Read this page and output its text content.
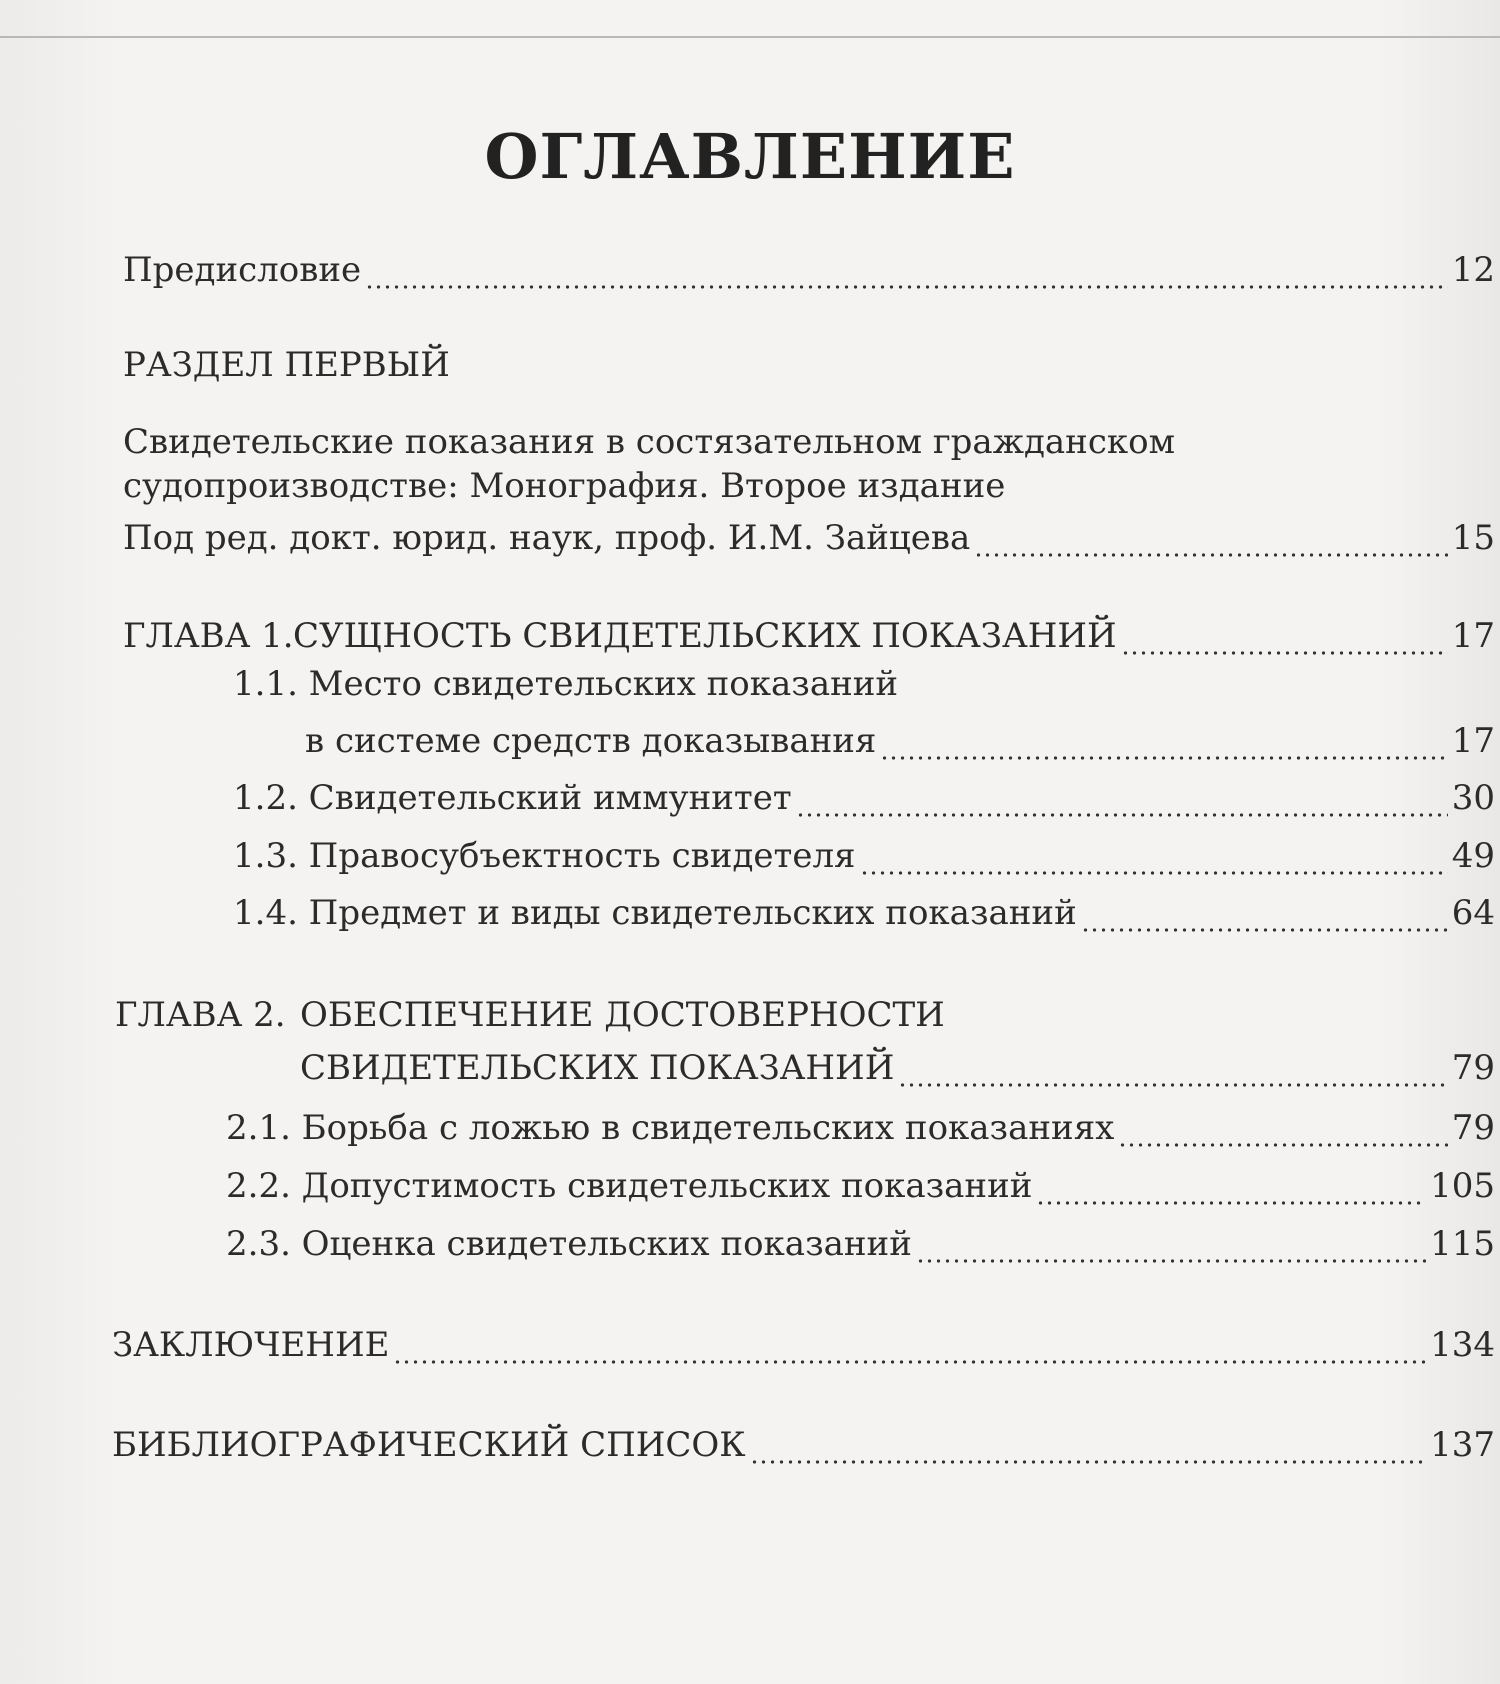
ОГЛАВЛЕНИЕ
Предисловие	12
РАЗДЕЛ ПЕРВЫЙ
Свидетельские показания в состязательном гражданском
судопроизводстве: Монография. Второе издание
Под ред. докт. юрид. наук, проф. И.М. Зайцева	15
ГЛАВА 1. СУЩНОСТЬ СВИДЕТЕЛЬСКИХ ПОКАЗАНИЙ	17
1.1. Место свидетельских показаний
в системе средств доказывания	17
1.2. Свидетельский иммунитет	30
1.3. Правосубъектность свидетеля	49
1.4. Предмет и виды свидетельских показаний	64
ГЛАВА 2. ОБЕСПЕЧЕНИЕ ДОСТОВЕРНОСТИ
СВИДЕТЕЛЬСКИХ ПОКАЗАНИЙ	79
2.1. Борьба с ложью в свидетельских показаниях	79
2.2. Допустимость свидетельских показаний	105
2.3. Оценка свидетельских показаний	115
ЗАКЛЮЧЕНИЕ	134
БИБЛИОГРАФИЧЕСКИЙ СПИСОК	137
